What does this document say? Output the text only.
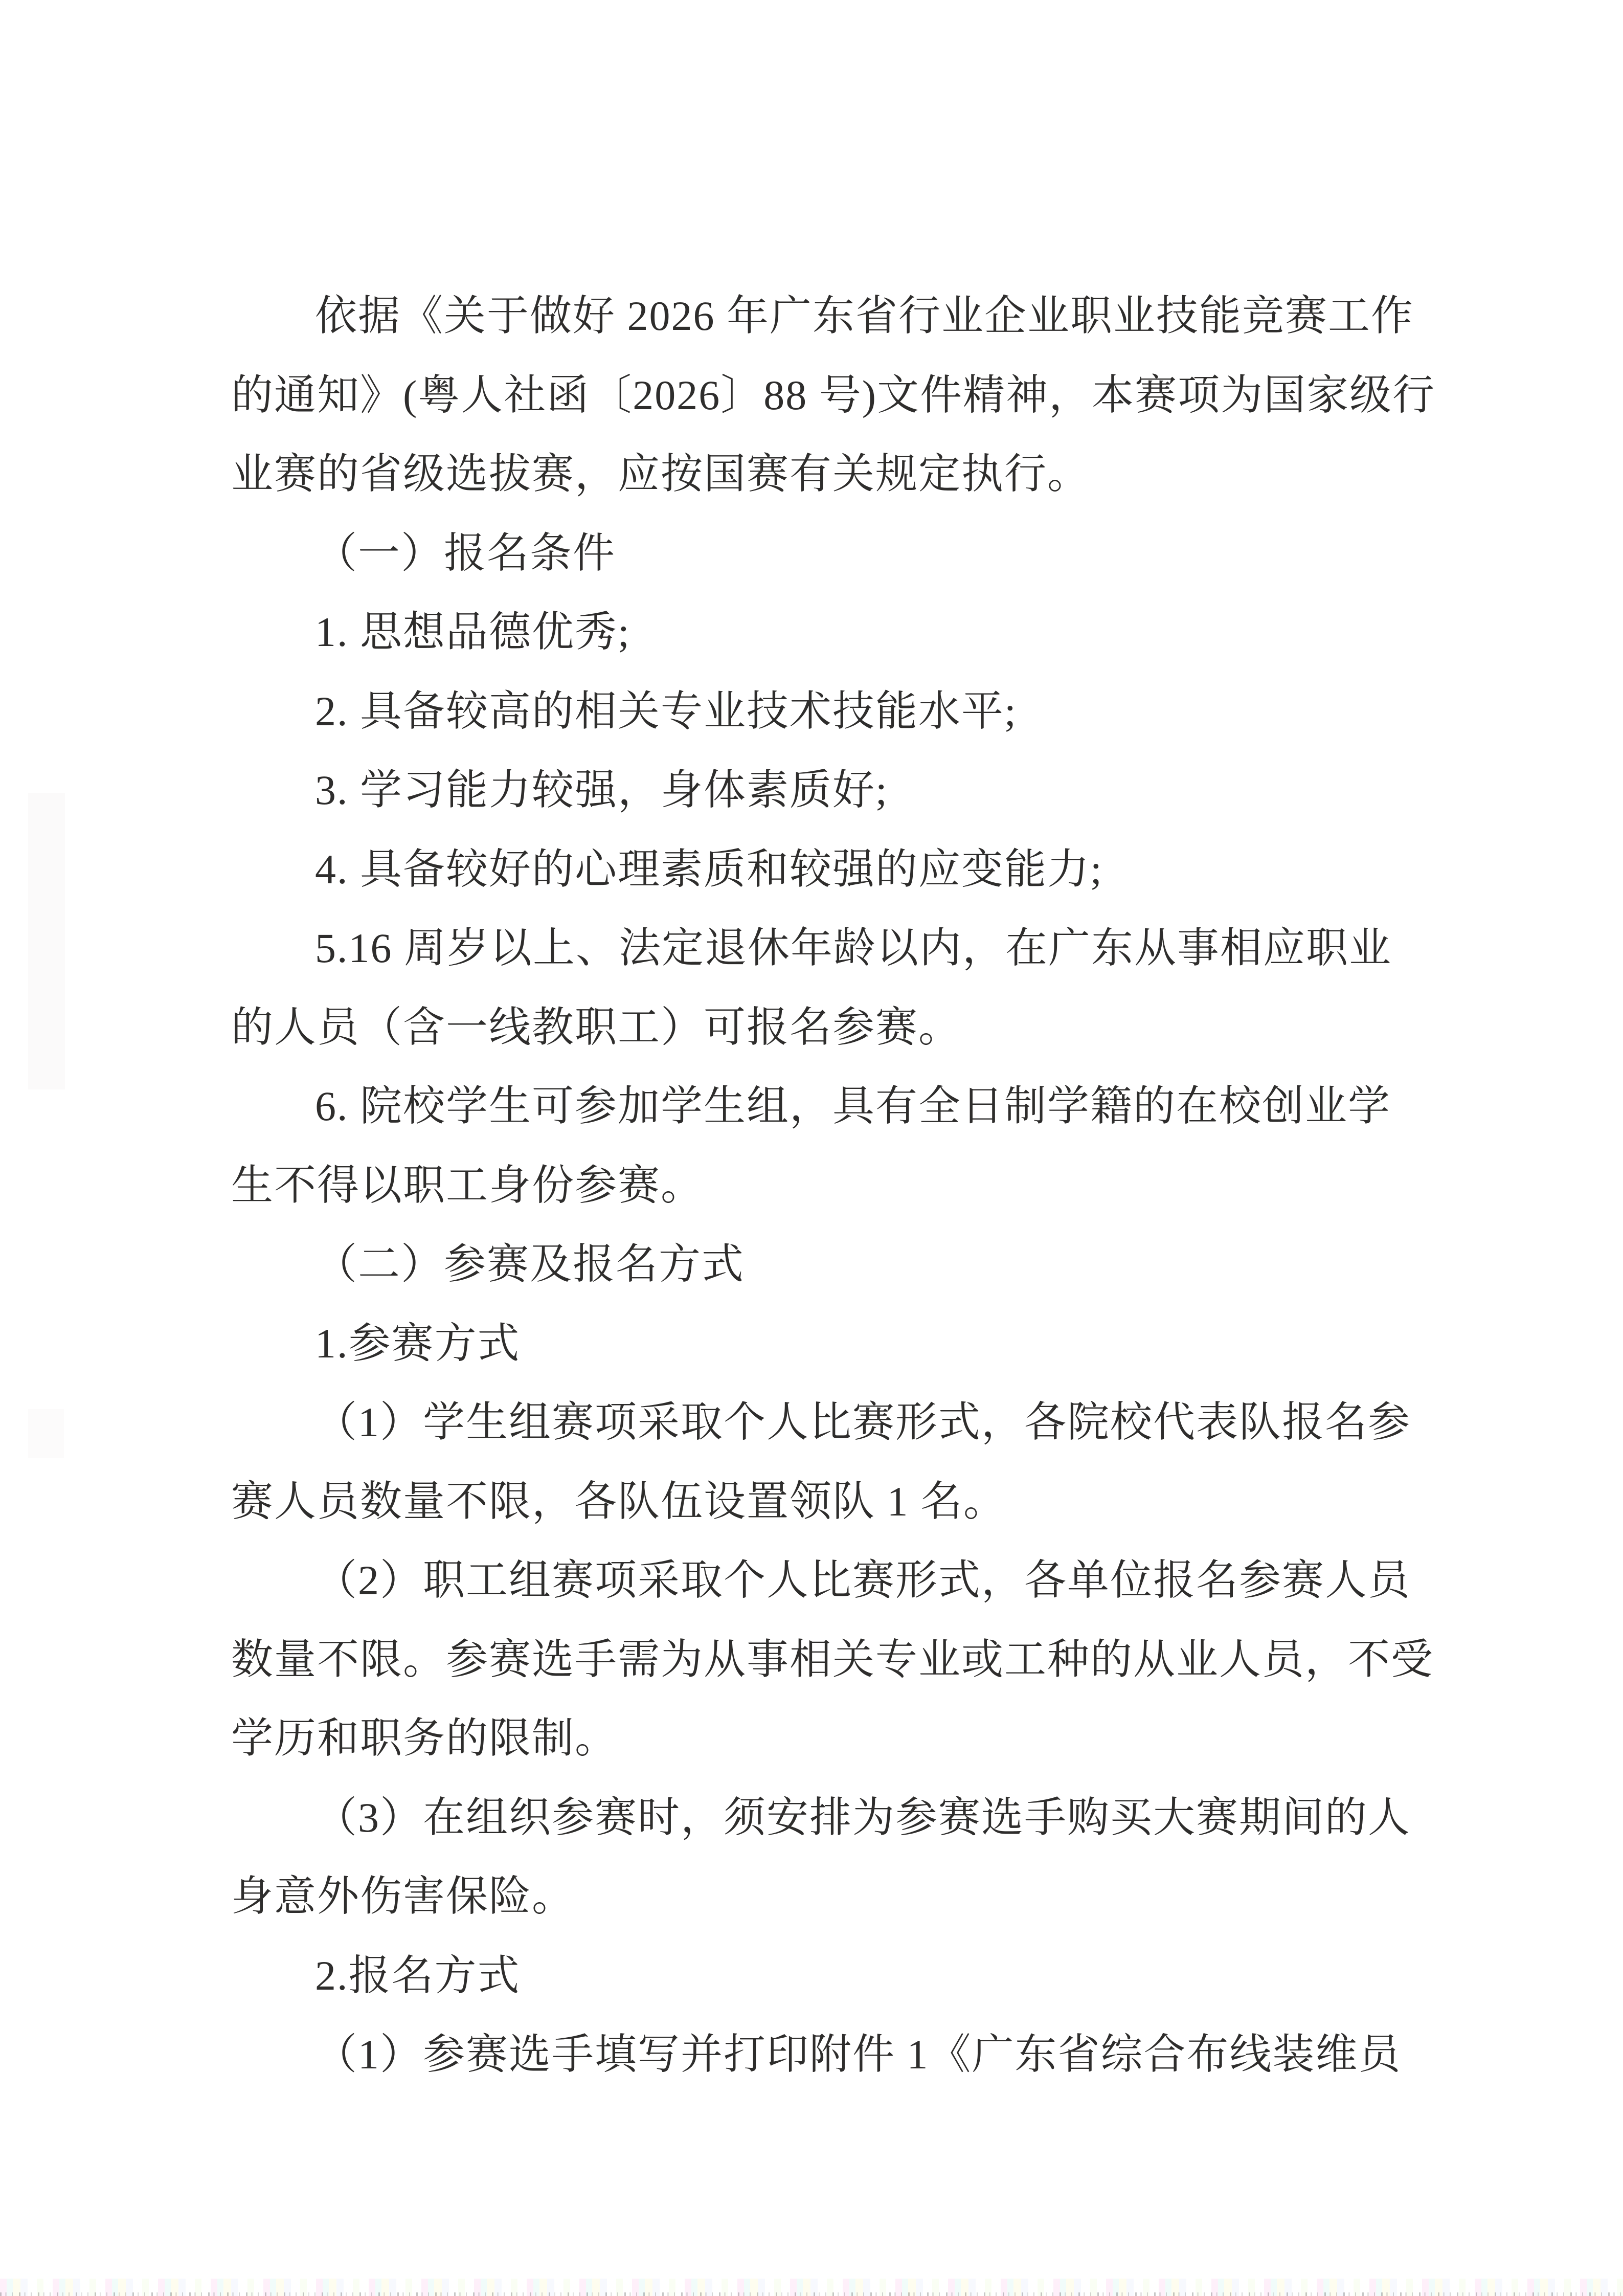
依据《关于做好 2026 年广东省行业企业职业技能竞赛工作
的通知》(粤人社函〔2026〕88 号)文件精神，本赛项为国家级行
业赛的省级选拔赛，应按国赛有关规定执行。
（一）报名条件
1. 思想品德优秀;
2. 具备较高的相关专业技术技能水平;
3. 学习能力较强，身体素质好;
4. 具备较好的心理素质和较强的应变能力;
5.16 周岁以上、法定退休年龄以内，在广东从事相应职业
的人员（含一线教职工）可报名参赛。
6. 院校学生可参加学生组，具有全日制学籍的在校创业学
生不得以职工身份参赛。
（二）参赛及报名方式
1.参赛方式
（1）学生组赛项采取个人比赛形式，各院校代表队报名参
赛人员数量不限，各队伍设置领队 1 名。
（2）职工组赛项采取个人比赛形式，各单位报名参赛人员
数量不限。参赛选手需为从事相关专业或工种的从业人员，不受
学历和职务的限制。
（3）在组织参赛时，须安排为参赛选手购买大赛期间的人
身意外伤害保险。
2.报名方式
（1）参赛选手填写并打印附件 1《广东省综合布线装维员
